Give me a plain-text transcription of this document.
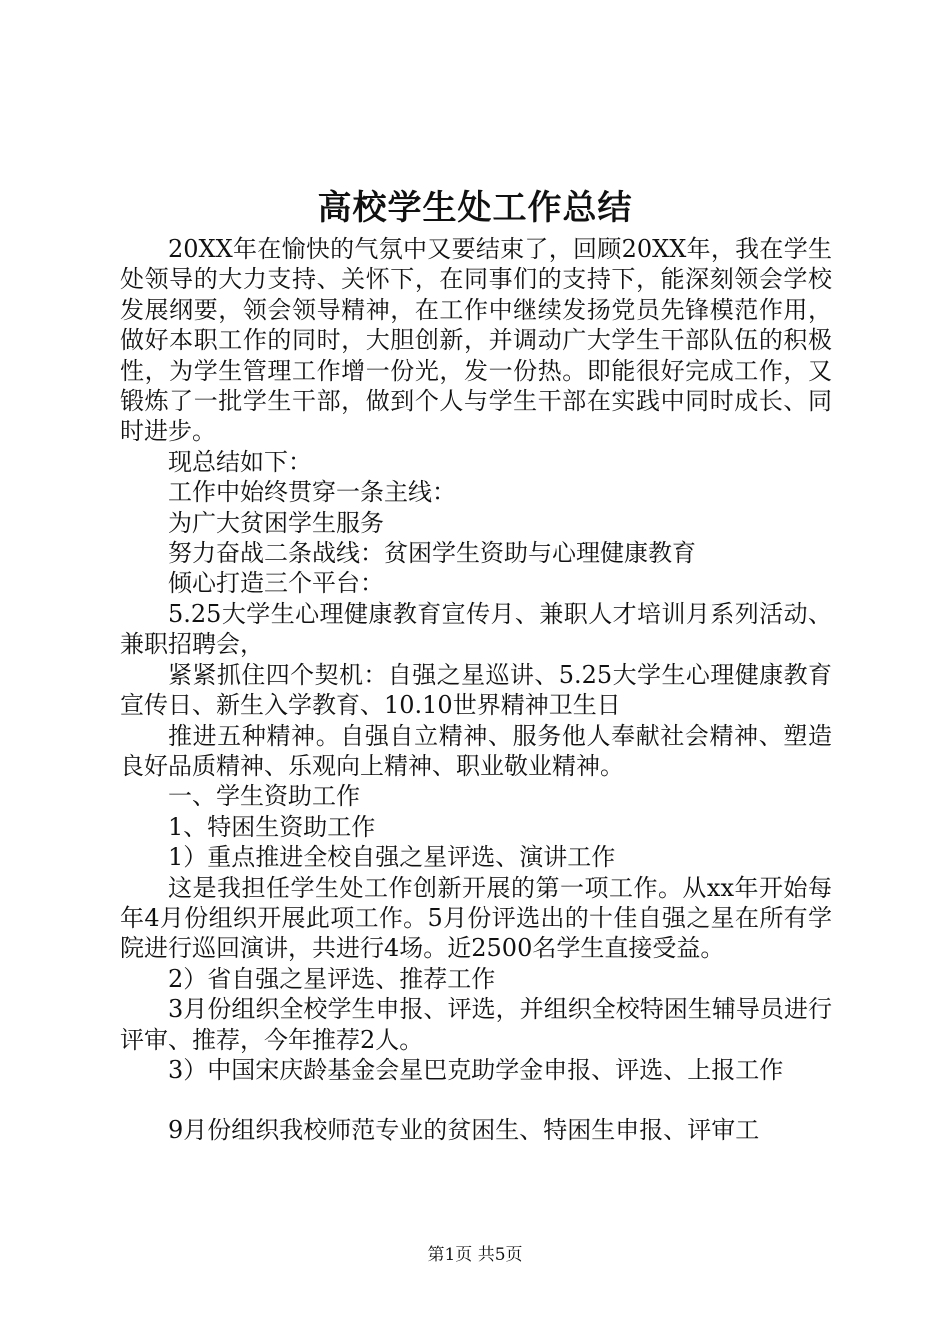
高校学生处工作总结

20XX年在愉快的气氛中又要结束了，回顾20XX年，我在学生处领导的大力支持、关怀下，在同事们的支持下，能深刻领会学校发展纲要，领会领导精神，在工作中继续发扬党员先锋模范作用，做好本职工作的同时，大胆创新，并调动广大学生干部队伍的积极性，为学生管理工作增一份光，发一份热。即能很好完成工作，又锻炼了一批学生干部，做到个人与学生干部在实践中同时成长、同时进步。

现总结如下：

工作中始终贯穿一条主线：

为广大贫困学生服务

努力奋战二条战线：贫困学生资助与心理健康教育

倾心打造三个平台：

5.25大学生心理健康教育宣传月、兼职人才培训月系列活动、兼职招聘会，

紧紧抓住四个契机：自强之星巡讲、5.25大学生心理健康教育宣传日、新生入学教育、10.10世界精神卫生日

推进五种精神。自强自立精神、服务他人奉献社会精神、塑造良好品质精神、乐观向上精神、职业敬业精神。

一、学生资助工作

1、特困生资助工作

1）重点推进全校自强之星评选、演讲工作

这是我担任学生处工作创新开展的第一项工作。从xx年开始每年4月份组织开展此项工作。5月份评选出的十佳自强之星在所有学院进行巡回演讲，共进行4场。近2500名学生直接受益。

2）省自强之星评选、推荐工作

3月份组织全校学生申报、评选，并组织全校特困生辅导员进行评审、推荐，今年推荐2人。

3）中国宋庆龄基金会星巴克助学金申报、评选、上报工作

9月份组织我校师范专业的贫困生、特困生申报、评审工

第1页 共5页
